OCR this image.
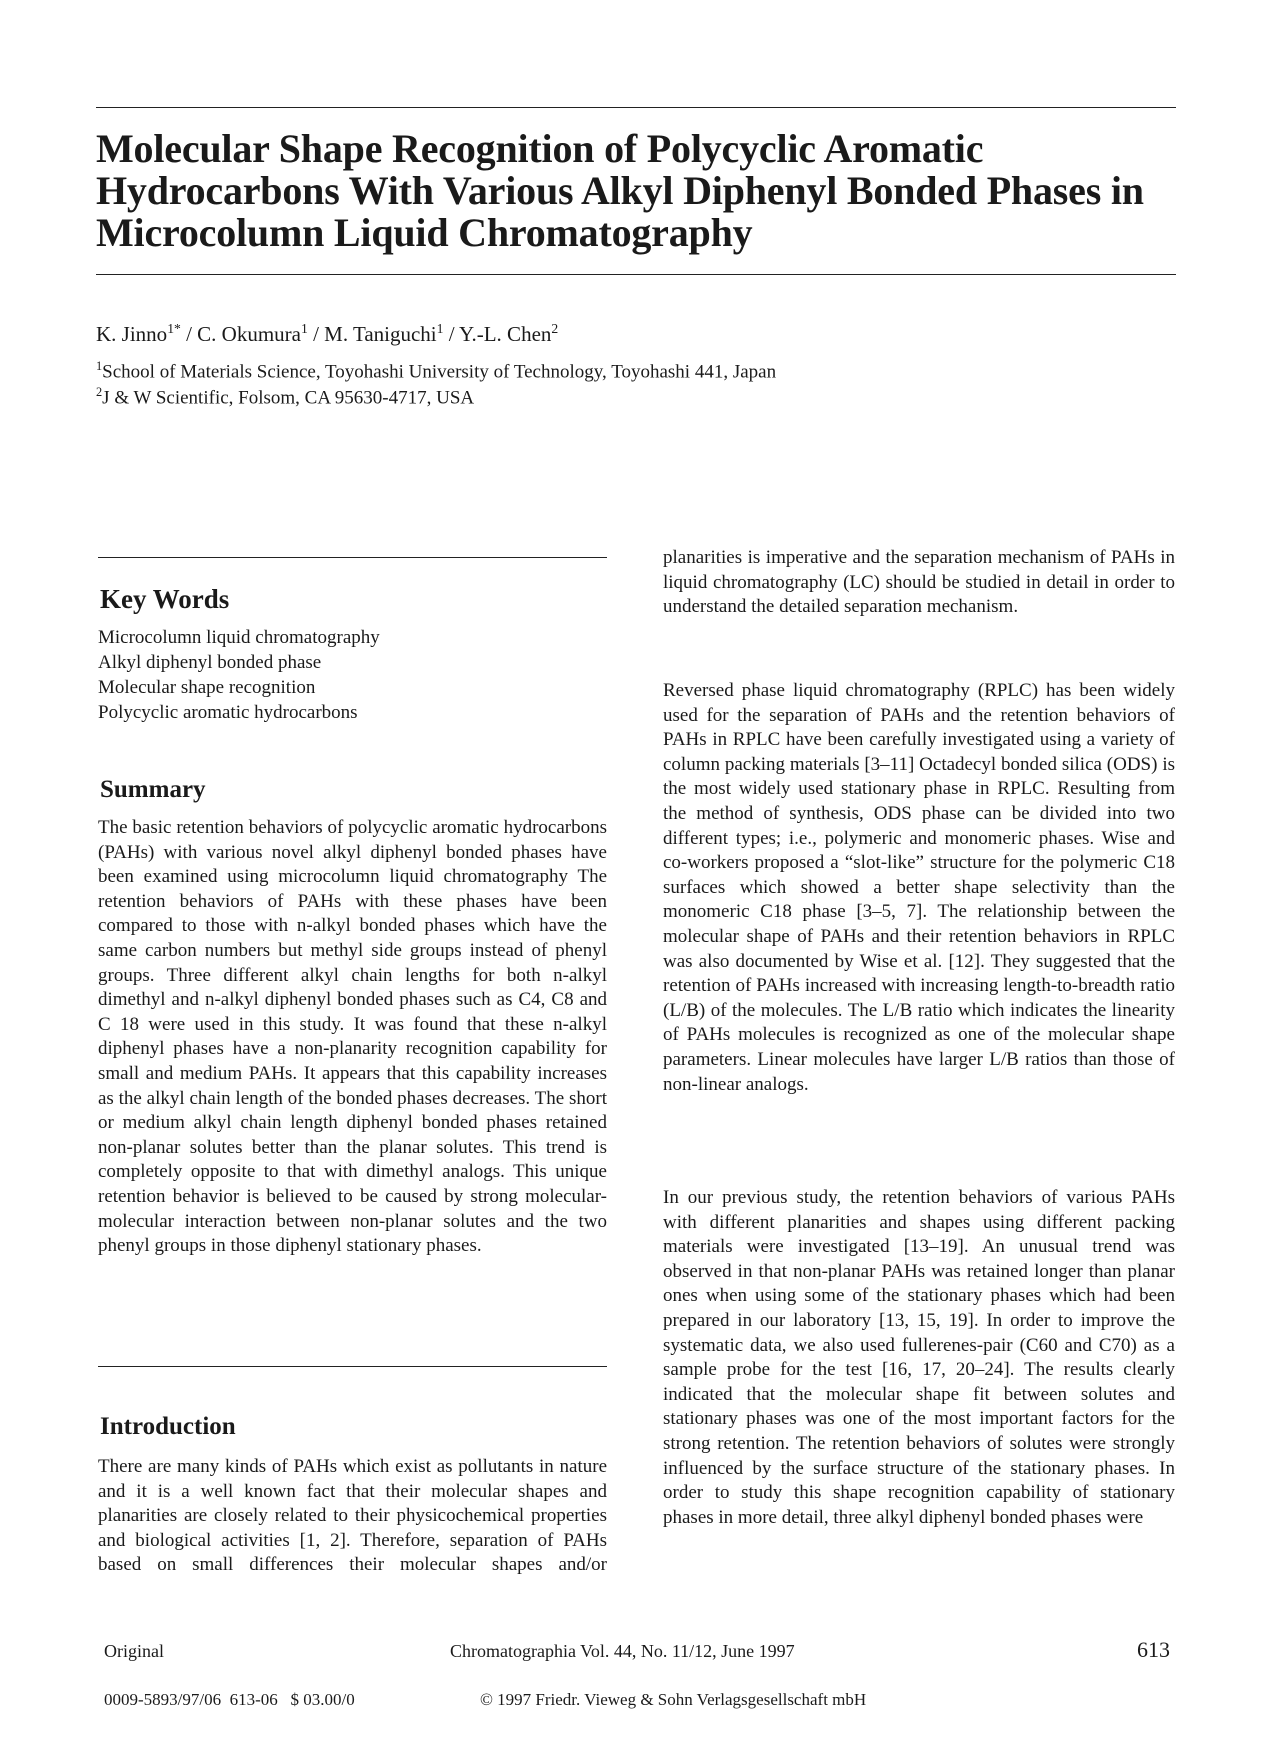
Molecular Shape Recognition of Polycyclic Aromatic Hydrocarbons With Various Alkyl Diphenyl Bonded Phases in Microcolumn Liquid Chromatography
K. Jinno$^{1*}$ / C. Okumura$^1$ / M. Taniguchi$^1$ / Y.-L. Chen$^2$
$^1$School of Materials Science, Toyohashi University of Technology, Toyohashi 441, Japan
$^2$J & W Scientific, Folsom, CA 95630-4717, USA
Key Words

Microcolumn liquid chromatography

Alkyl diphenyl bonded phase

Molecular shape recognition

Polycyclic aromatic hydrocarbons

Summary

The basic retention behaviors of polycyclic aromatic hydrocarbons (PAHs) with various novel alkyl diphenyl bonded phases have been examined using microcolumn liquid chromatography The retention behaviors of PAHs with these phases have been compared to those with n-alkyl bonded phases which have the same carbon numbers but methyl side groups instead of phenyl groups. Three different alkyl chain lengths for both n-alkyl dimethyl and n-alkyl diphenyl bonded phases such as C4, C8 and C 18 were used in this study. It was found that these n-alkyl diphenyl phases have a non-planarity recognition capability for small and medium PAHs. It appears that this capability increases as the alkyl chain length of the bonded phases decreases. The short or medium alkyl chain length diphenyl bonded phases retained non-planar solutes better than the planar solutes. This trend is completely opposite to that with dimethyl analogs. This unique retention behavior is believed to be caused by strong molecular-molecular interaction between non-planar solutes and the two phenyl groups in those diphenyl stationary phases.

Introduction

There are many kinds of PAHs which exist as pollutants in nature and it is a well known fact that their molecular shapes and planarities are closely related to their physicochemical properties and biological activities [1, 2]. Therefore, separation of PAHs based on small differences their molecular shapes and/or

planarities is imperative and the separation mechanism of PAHs in liquid chromatography (LC) should be studied in detail in order to understand the detailed separation mechanism.

Reversed phase liquid chromatography (RPLC) has been widely used for the separation of PAHs and the retention behaviors of PAHs in RPLC have been carefully investigated using a variety of column packing materials [3–11] Octadecyl bonded silica (ODS) is the most widely used stationary phase in RPLC. Resulting from the method of synthesis, ODS phase can be divided into two different types; i.e., polymeric and monomeric phases. Wise and co-workers proposed a “slot-like” structure for the polymeric C18 surfaces which showed a better shape selectivity than the monomeric C18 phase [3–5, 7]. The relationship between the molecular shape of PAHs and their retention behaviors in RPLC was also documented by Wise et al. [12]. They suggested that the retention of PAHs increased with increasing length-to-breadth ratio (L/B) of the molecules. The L/B ratio which indicates the linearity of PAHs molecules is recognized as one of the molecular shape parameters. Linear molecules have larger L/B ratios than those of non-linear analogs.

In our previous study, the retention behaviors of various PAHs with different planarities and shapes using different packing materials were investigated [13–19]. An unusual trend was observed in that non-planar PAHs was retained longer than planar ones when using some of the stationary phases which had been prepared in our laboratory [13, 15, 19]. In order to improve the systematic data, we also used fullerenes-pair (C60 and C70) as a sample probe for the test [16, 17, 20–24]. The results clearly indicated that the molecular shape fit between solutes and stationary phases was one of the most important factors for the strong retention. The retention behaviors of solutes were strongly influenced by the surface structure of the stationary phases. In order to study this shape recognition capability of stationary phases in more detail, three alkyl diphenyl bonded phases were

Original	Chromatographia Vol. 44, No. 11/12, June 1997	613
0009-5893/97/06  613-06   $ 03.00/0	© 1997 Friedr. Vieweg & Sohn Verlagsgesellschaft mbH
